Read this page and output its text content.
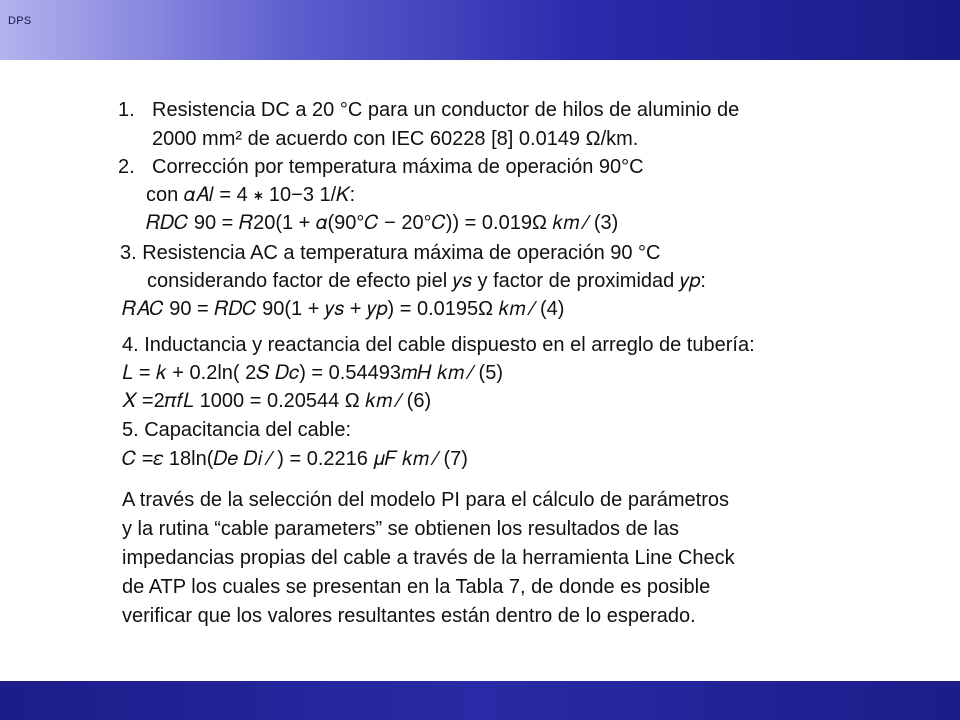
DPS
1. Resistencia DC a 20 °C para un conductor de hilos de aluminio de
2000 mm² de acuerdo con IEC 60228 [8] 0.0149 Ω/km.
2. Corrección por temperatura máxima de operación 90°C
con 𝛼𝐴𝑙 = 4 ∗ 10−3 1/𝐾:
𝑅𝐷𝐶 90 = 𝑅20(1 + 𝛼(90°𝐶 − 20°𝐶)) = 0.019Ω 𝑘𝑚 ⁄ (3)
3. Resistencia AC a temperatura máxima de operación 90 °C
considerando factor de efecto piel 𝑦𝑠 y factor de proximidad 𝑦𝑝:
𝑅𝐴𝐶 90 = 𝑅𝐷𝐶 90(1 + 𝑦𝑠 + 𝑦𝑝) = 0.0195Ω 𝑘𝑚 ⁄ (4)
4. Inductancia y reactancia del cable dispuesto en el arreglo de tubería:
𝐿 = 𝑘 + 0.2ln( 2𝑆 𝐷𝑐) = 0.54493𝑚𝐻 𝑘𝑚 ⁄ (5)
𝑋 =2𝜋𝑓𝐿 1000 = 0.20544 Ω 𝑘𝑚 ⁄ (6)
5. Capacitancia del cable:
𝐶 =𝜀 18ln(𝐷𝑒 𝐷𝑖 ⁄ ) = 0.2216 𝜇𝐹 𝑘𝑚 ⁄ (7)
A través de la selección del modelo PI para el cálculo de parámetros
y la rutina “cable parameters” se obtienen los resultados de las
impedancias propias del cable a través de la herramienta Line Check
de ATP los cuales se presentan en la Tabla 7, de donde es posible
verificar que los valores resultantes están dentro de lo esperado.
